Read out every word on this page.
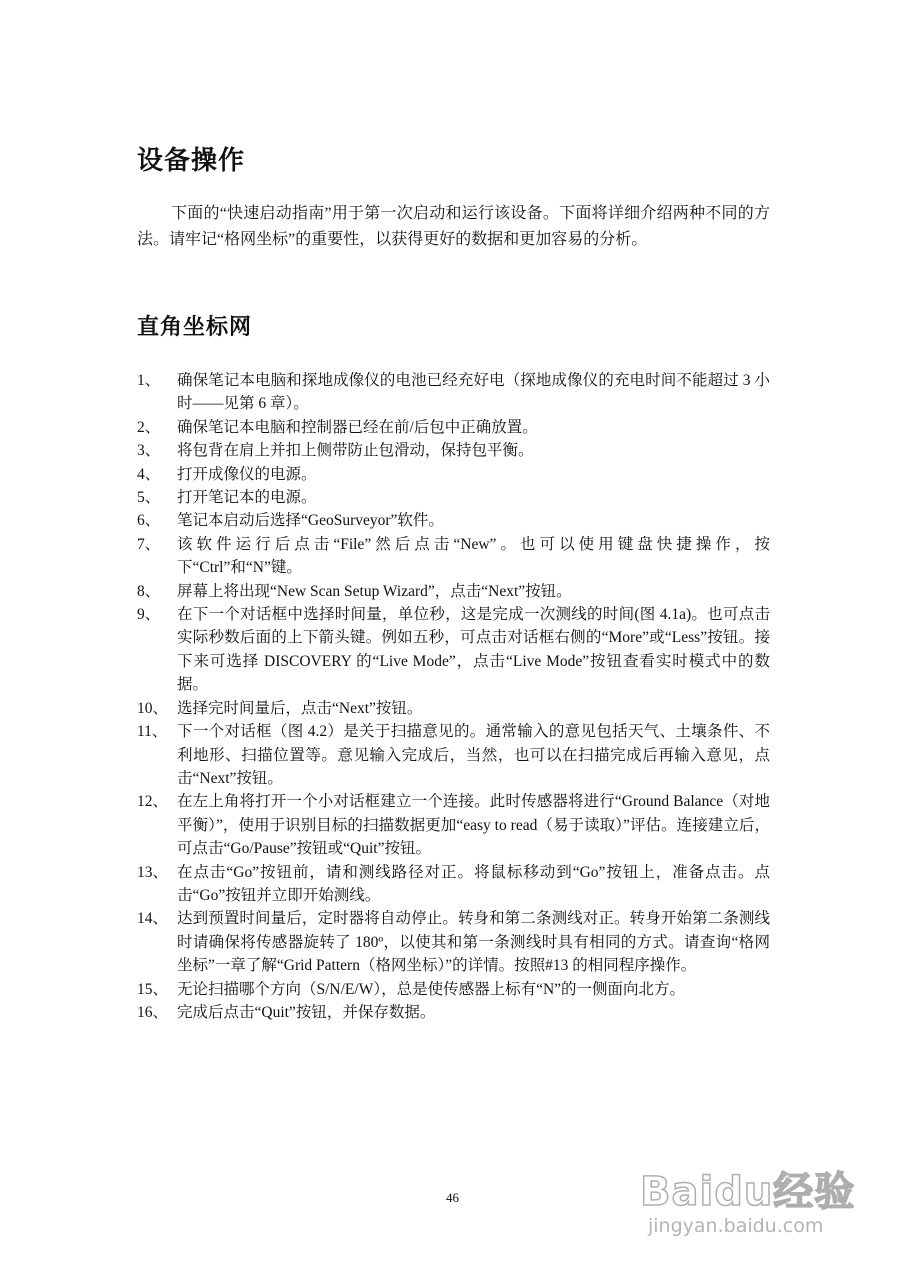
设备操作

下面的“快速启动指南”用于第一次启动和运行该设备。下面将详细介绍两种不同的方法。请牢记“格网坐标”的重要性，以获得更好的数据和更加容易的分析。

直角坐标网
1、	确保笔记本电脑和探地成像仪的电池已经充好电（探地成像仪的充电时间不能超过 3 小时——见第 6 章）。
2、	确保笔记本电脑和控制器已经在前/后包中正确放置。
3、	将包背在肩上并扣上侧带防止包滑动，保持包平衡。
4、	打开成像仪的电源。
5、	打开笔记本的电源。
6、	笔记本启动后选择“GeoSurveyor”软件。
7、	该软件运行后点击“File”然后点击“New”。也可以使用键盘快捷操作，按下“Ctrl”和“N”键。
8、	屏幕上将出现“New Scan Setup Wizard”，点击“Next”按钮。
9、	在下一个对话框中选择时间量，单位秒，这是完成一次测线的时间(图 4.1a)。也可点击实际秒数后面的上下箭头键。例如五秒，可点击对话框右侧的“More”或“Less”按钮。接下来可选择 DISCOVERY 的“Live Mode”，点击“Live Mode”按钮查看实时模式中的数据。
10、 选择完时间量后，点击“Next”按钮。
11、 下一个对话框（图 4.2）是关于扫描意见的。通常输入的意见包括天气、土壤条件、不利地形、扫描位置等。意见输入完成后，当然，也可以在扫描完成后再输入意见，点击“Next”按钮。
12、 在左上角将打开一个小对话框建立一个连接。此时传感器将进行“Ground Balance（对地平衡）”，使用于识别目标的扫描数据更加“easy to read（易于读取）”评估。连接建立后，可点击“Go/Pause”按钮或“Quit”按钮。
13、 在点击“Go”按钮前，请和测线路径对正。将鼠标移动到“Go”按钮上，准备点击。点击“Go”按钮并立即开始测线。
14、 达到预置时间量后，定时器将自动停止。转身和第二条测线对正。转身开始第二条测线时请确保将传感器旋转了 180º，以使其和第一条测线时具有相同的方式。请查询“格网坐标”一章了解“Grid Pattern（格网坐标）”的详情。按照#13 的相同程序操作。
15、 无论扫描哪个方向（S/N/E/W），总是使传感器上标有“N”的一侧面向北方。
16、 完成后点击“Quit”按钮，并保存数据。
46	Baidu经验
jingyan.baidu.com
